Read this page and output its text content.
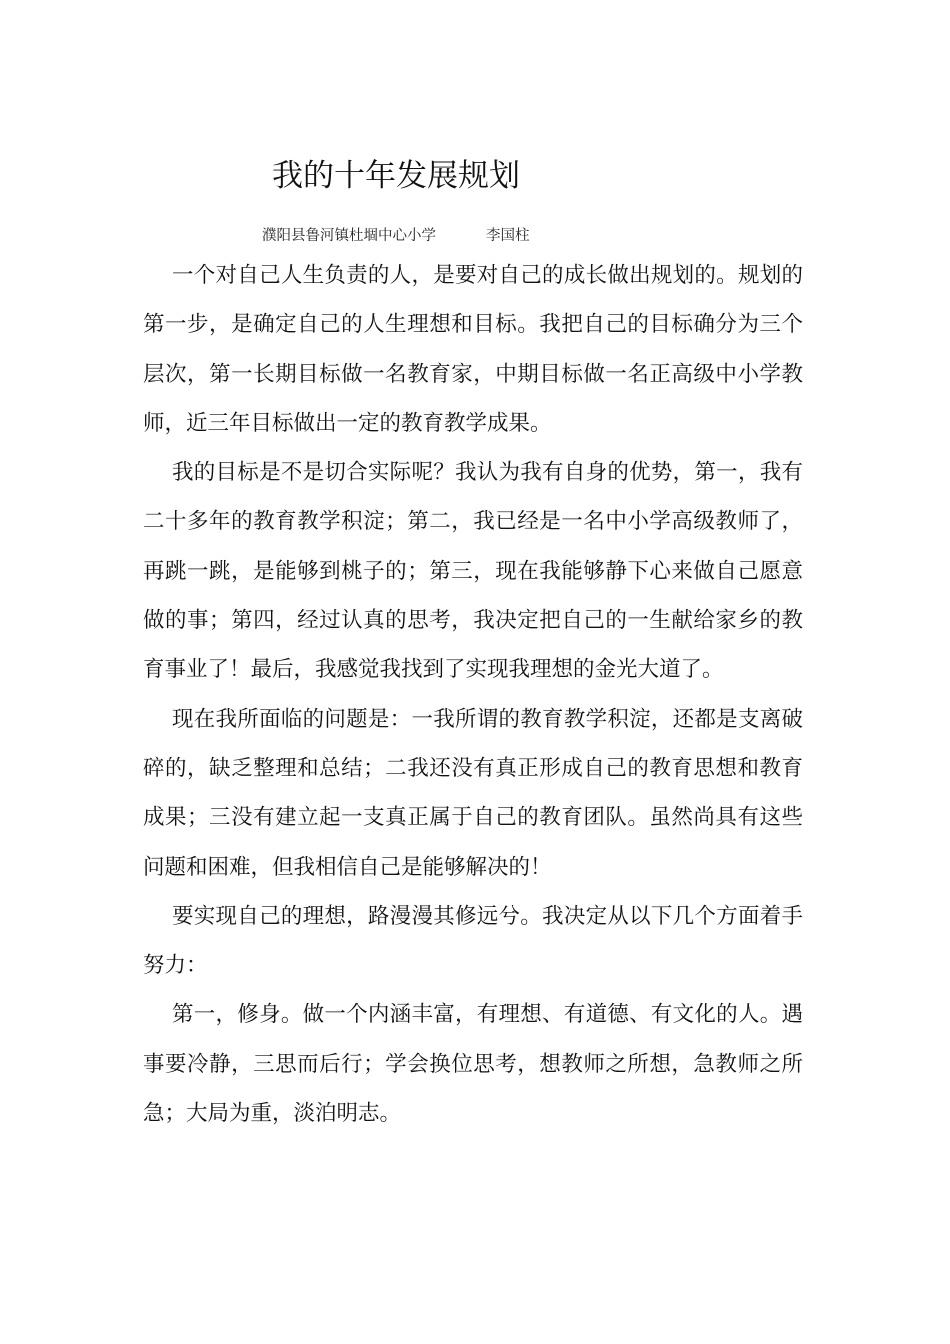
我的十年发展规划
濮阳县鲁河镇杜堌中心小学	李国柱

一个对自己人生负责的人，是要对自己的成长做出规划的。规划的第一步，是确定自己的人生理想和目标。我把自己的目标确分为三个层次，第一长期目标做一名教育家，中期目标做一名正高级中小学教师，近三年目标做出一定的教育教学成果。

我的目标是不是切合实际呢？我认为我有自身的优势，第一，我有二十多年的教育教学积淀；第二，我已经是一名中小学高级教师了，再跳一跳，是能够到桃子的；第三，现在我能够静下心来做自己愿意做的事；第四，经过认真的思考，我决定把自己的一生献给家乡的教育事业了！最后，我感觉我找到了实现我理想的金光大道了。

现在我所面临的问题是：一我所谓的教育教学积淀，还都是支离破碎的，缺乏整理和总结；二我还没有真正形成自己的教育思想和教育成果；三没有建立起一支真正属于自己的教育团队。虽然尚具有这些问题和困难，但我相信自己是能够解决的！

要实现自己的理想，路漫漫其修远兮。我决定从以下几个方面着手努力：

第一，修身。做一个内涵丰富，有理想、有道德、有文化的人。遇事要冷静，三思而后行；学会换位思考，想教师之所想，急教师之所急；大局为重，淡泊明志。
